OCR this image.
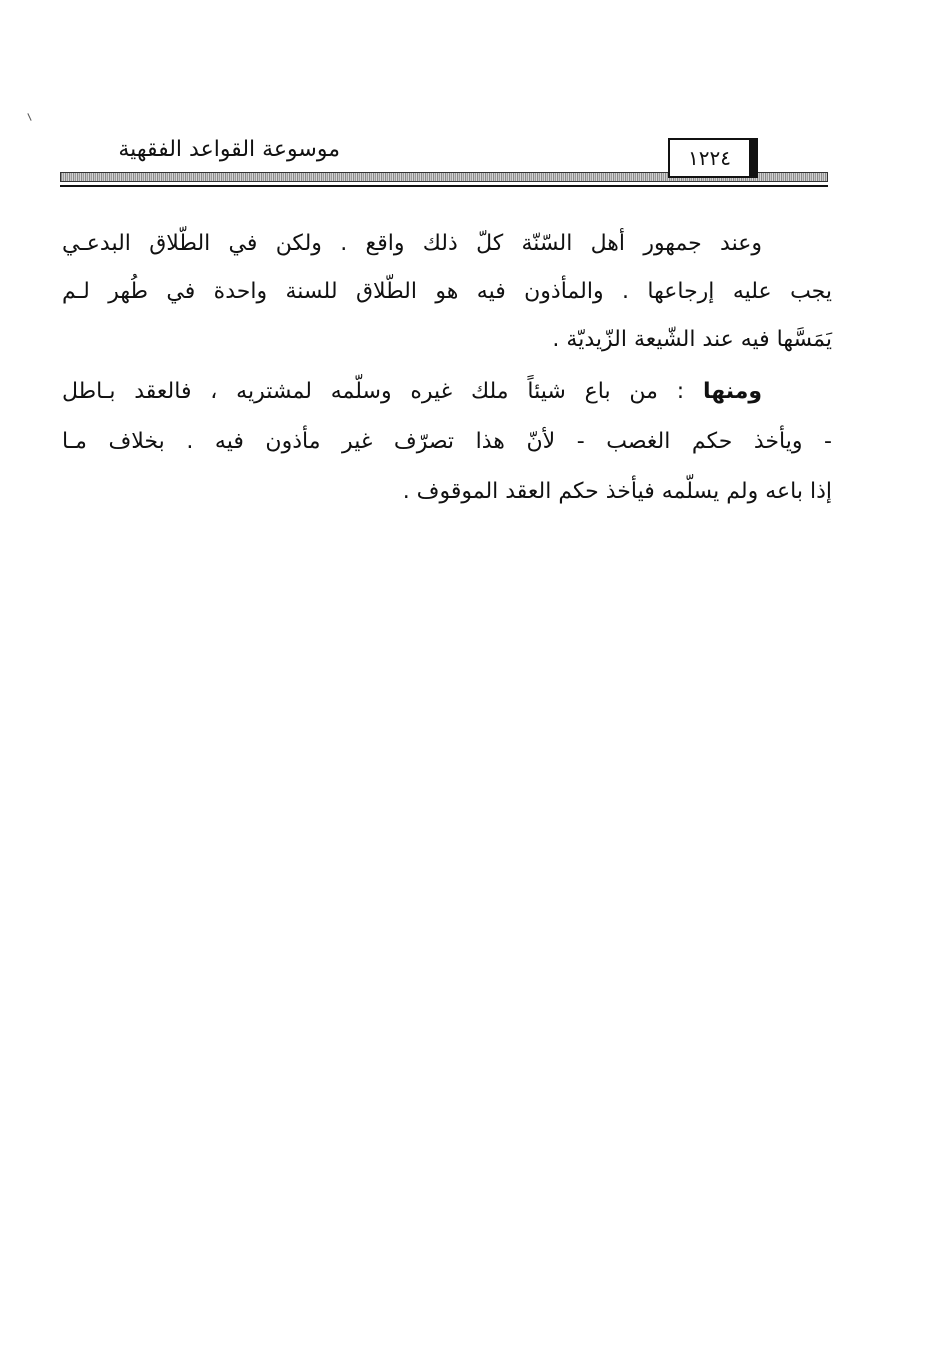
موسوعة القواعد الفقهية	١٢٢٤
وعند جمهور أهل السّنّة كلّ ذلك واقع . ولكن في الطّلاق البدعـي
يجب عليه إرجاعها . والمأذون فيه هو الطّلاق للسنة واحدة في طُهر لـم
يَمَسَّها فيه عند الشّيعة الزّيديّة .
ومنها : من باع شيئاً ملك غيره وسلّمه لمشتريه ، فالعقد بـاطل
- ويأخذ حكم الغصب - لأنّ هذا تصرّف غير مأذون فيه . بخلاف مـا
إذا باعه ولم يسلّمه فيأخذ حكم العقد الموقوف .
